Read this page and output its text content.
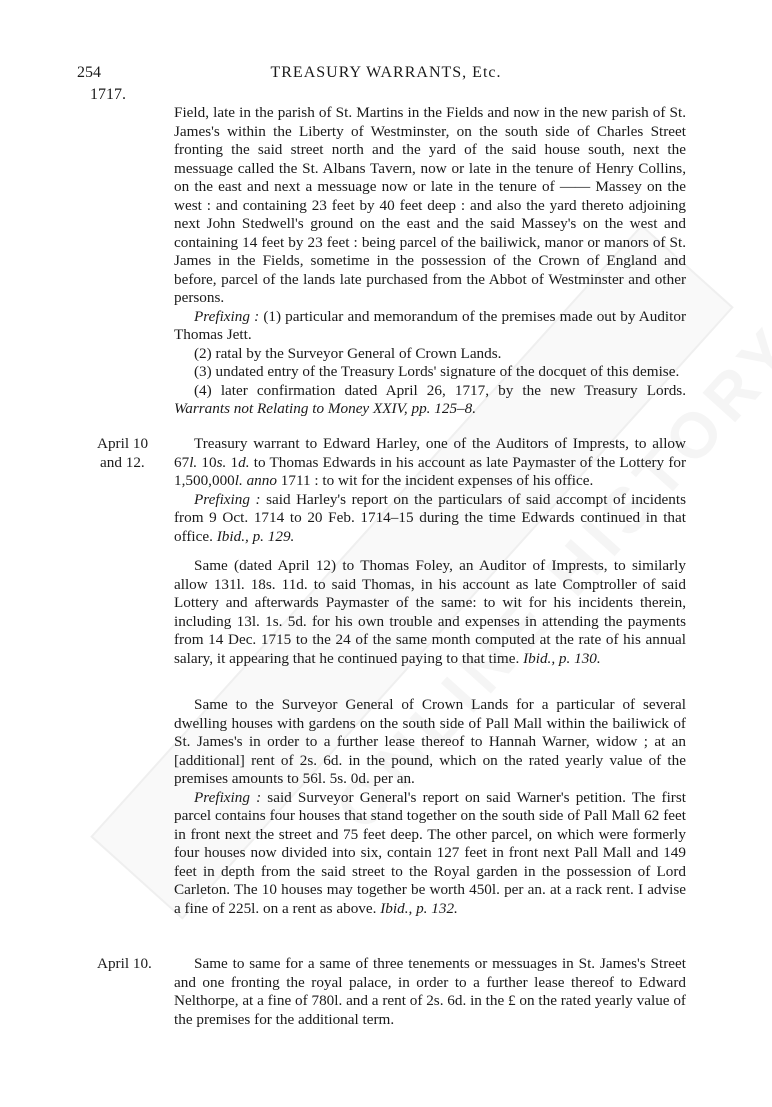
254	TREASURY WARRANTS, Etc.
1717.

Field, late in the parish of St. Martins in the Fields and now in the new parish of St. James's within the Liberty of Westminster, on the south side of Charles Street fronting the said street north and the yard of the said house south, next the messuage called the St. Albans Tavern, now or late in the tenure of Henry Collins, on the east and next a messuage now or late in the tenure of —— Massey on the west : and containing 23 feet by 40 feet deep : and also the yard thereto adjoining next John Stedwell's ground on the east and the said Massey's on the west and containing 14 feet by 23 feet : being parcel of the bailiwick, manor or manors of St. James in the Fields, sometime in the possession of the Crown of England and before, parcel of the lands late purchased from the Abbot of Westminster and other persons.

Prefixing : (1) particular and memorandum of the premises made out by Auditor Thomas Jett.

(2) ratal by the Surveyor General of Crown Lands.

(3) undated entry of the Treasury Lords' signature of the docquet of this demise.

(4) later confirmation dated April 26, 1717, by the new Treasury Lords. Warrants not Relating to Money XXIV, pp. 125–8.

April 10
and 12.

Treasury warrant to Edward Harley, one of the Auditors of Imprests, to allow 67l. 10s. 1d. to Thomas Edwards in his account as late Paymaster of the Lottery for 1,500,000l. anno 1711 : to wit for the incident expenses of his office.

Prefixing : said Harley's report on the particulars of said accompt of incidents from 9 Oct. 1714 to 20 Feb. 1714–15 during the time Edwards continued in that office. Ibid., p. 129.

Same (dated April 12) to Thomas Foley, an Auditor of Imprests, to similarly allow 131l. 18s. 11d. to said Thomas, in his account as late Comptroller of said Lottery and afterwards Paymaster of the same: to wit for his incidents therein, including 13l. 1s. 5d. for his own trouble and expenses in attending the payments from 14 Dec. 1715 to the 24 of the same month computed at the rate of his annual salary, it appearing that he continued paying to that time. Ibid., p. 130.

Same to the Surveyor General of Crown Lands for a particular of several dwelling houses with gardens on the south side of Pall Mall within the bailiwick of St. James's in order to a further lease thereof to Hannah Warner, widow ; at an [additional] rent of 2s. 6d. in the pound, which on the rated yearly value of the premises amounts to 56l. 5s. 0d. per an.

Prefixing : said Surveyor General's report on said Warner's petition. The first parcel contains four houses that stand together on the south side of Pall Mall 62 feet in front next the street and 75 feet deep. The other parcel, on which were formerly four houses now divided into six, contain 127 feet in front next Pall Mall and 149 feet in depth from the said street to the Royal garden in the possession of Lord Carleton. The 10 houses may together be worth 450l. per an. at a rack rent. I advise a fine of 225l. on a rent as above. Ibid., p. 132.

April 10.	Same to same for a same of three tenements or messuages in St. James's Street and one fronting the royal palace, in order to a further lease thereof to Edward Nelthorpe, at a fine of 780l. and a rent of 2s. 6d. in the £ on the rated yearly value of the premises for the additional term.
